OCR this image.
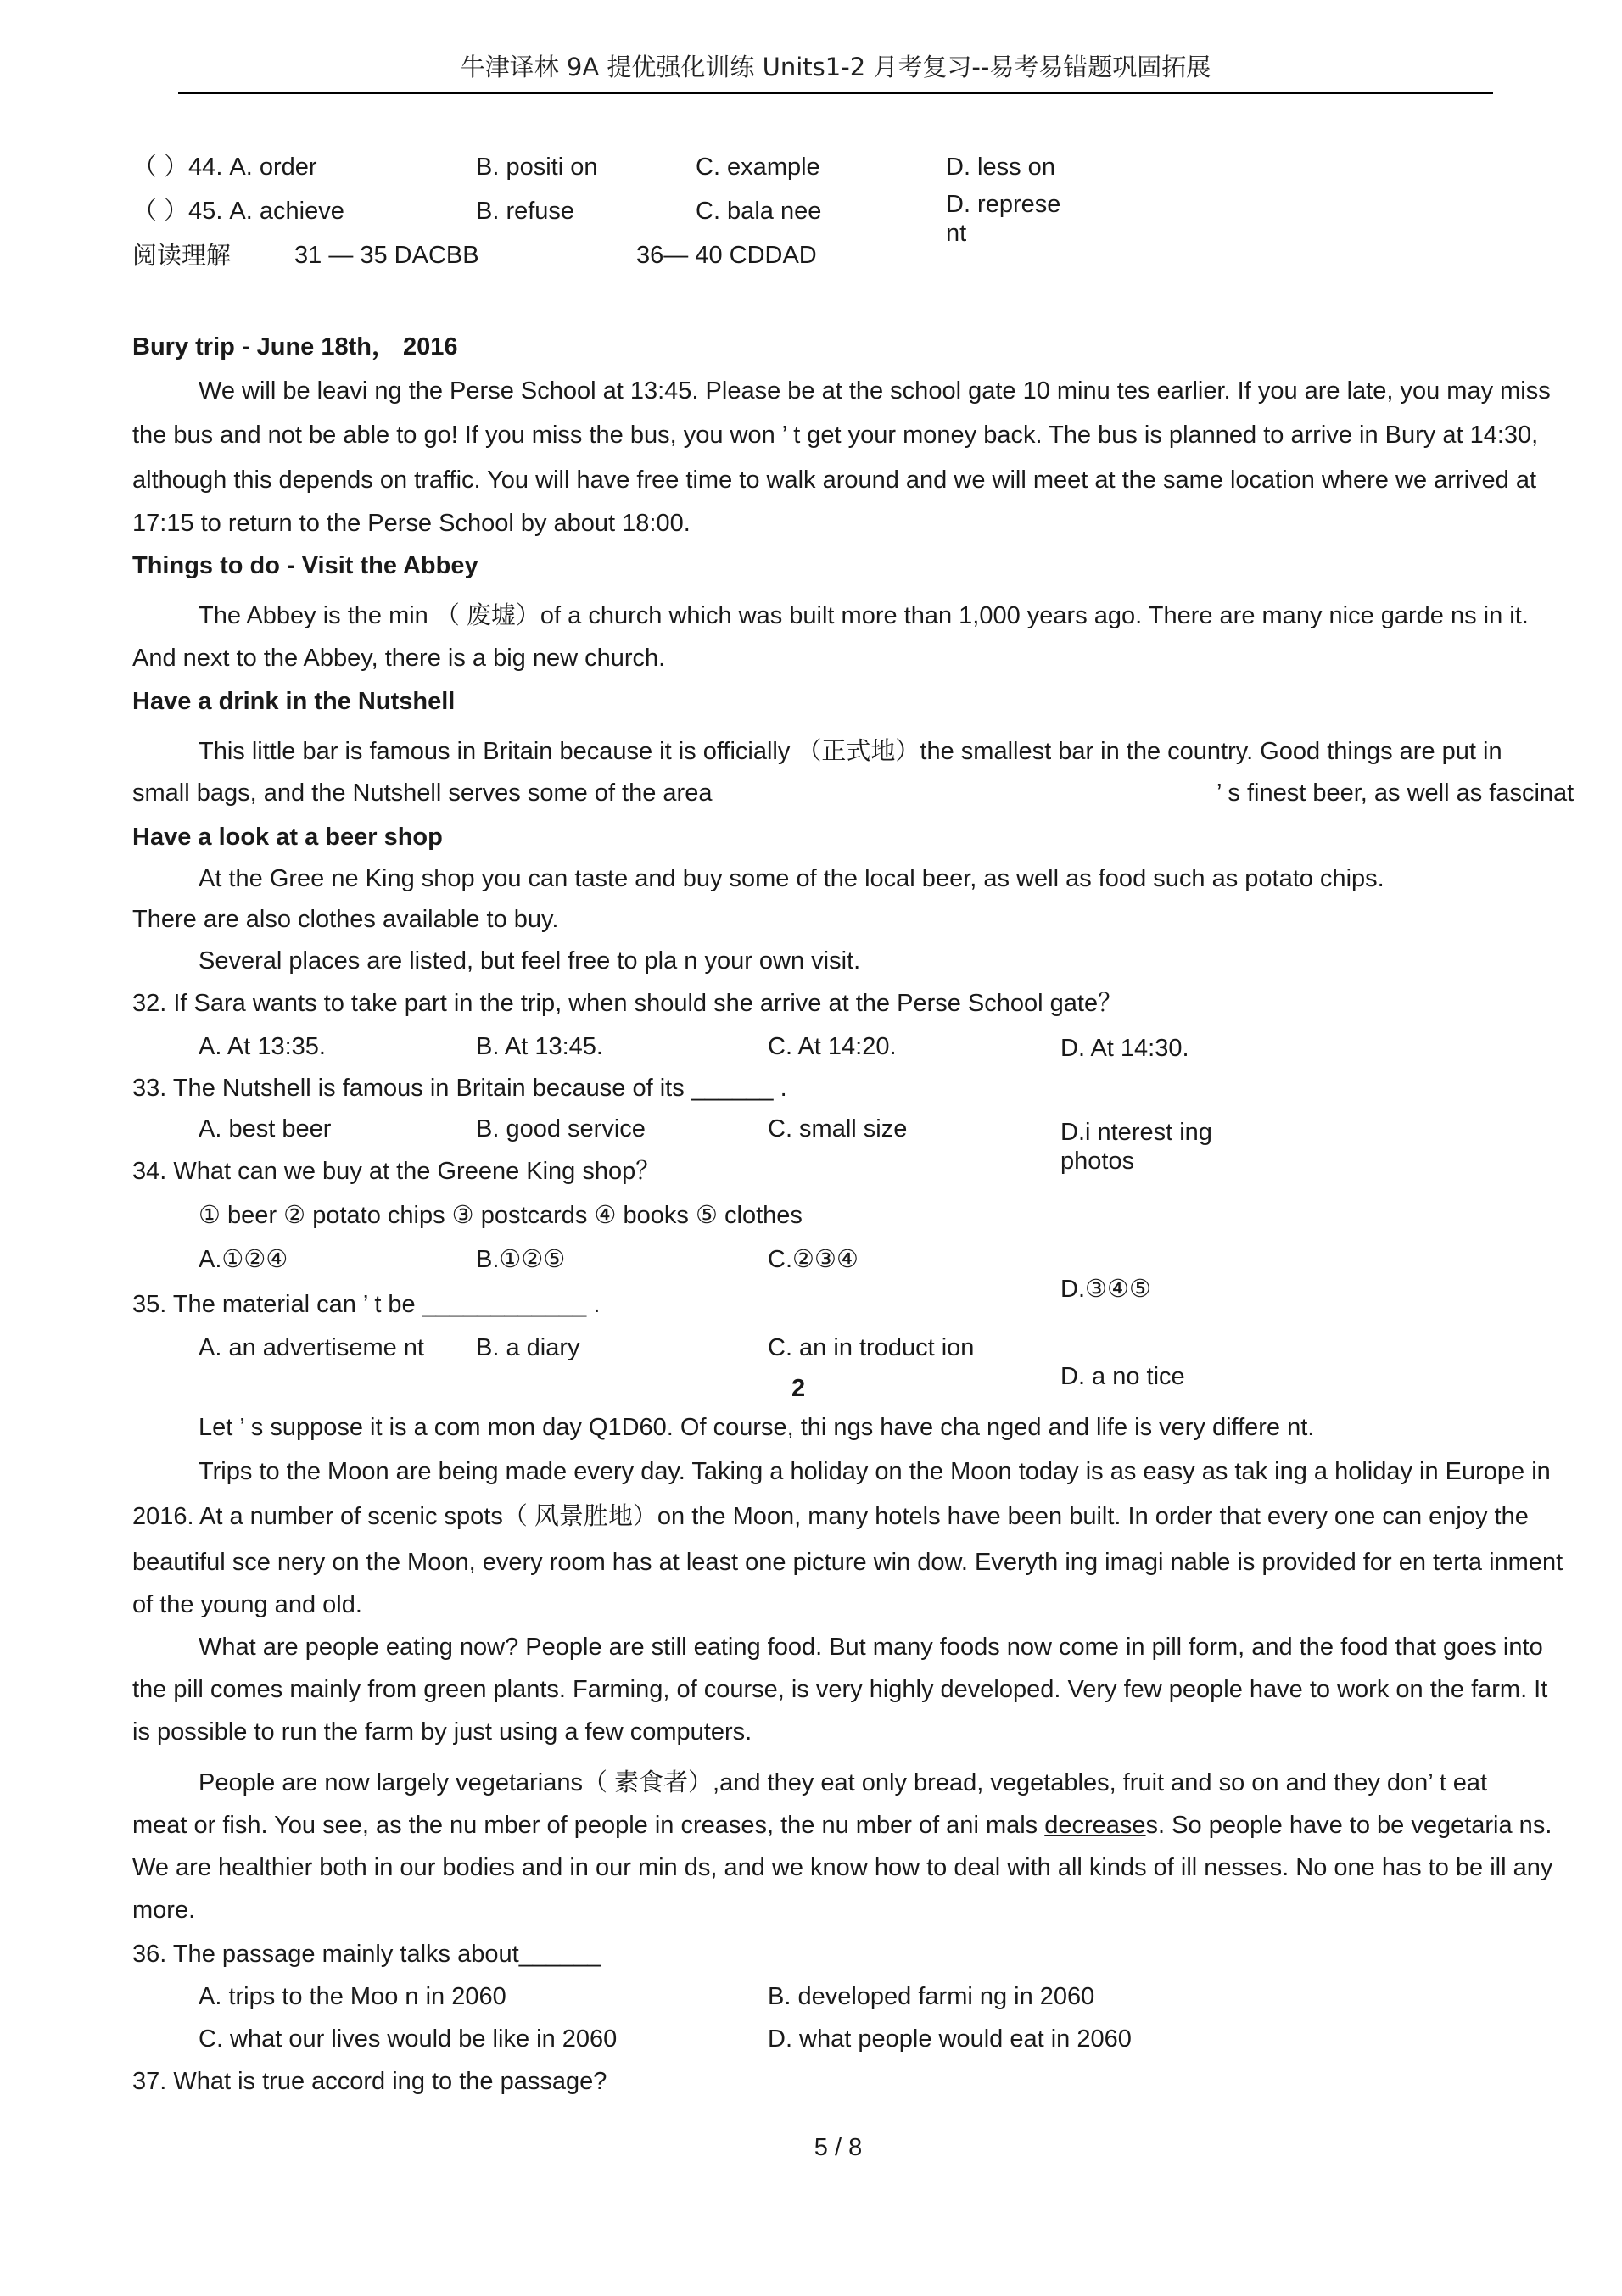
牛津译林 9A 提优强化训练 Units1-2 月考复习--易考易错题巩固拓展
（ ）44. A. order	B. positi on	C. example	D. less on
（ ）45. A. achieve	B. refuse	C. bala nee	D. represe
nt
阅读理解	31 — 35 DACBB	36— 40 CDDAD
Bury trip - June 18th， 2016
We will be leavi ng the Perse School at 13:45. Please be at the school gate 10 minu tes earlier. If you are late, you may miss
the bus and not be able to go! If you miss the bus, you won ’ t get your money back. The bus is planned to arrive in Bury at 14:30,
although this depends on traffic. You will have free time to walk around and we will meet at the same location where we arrived at
17:15 to return to the Perse School by about 18:00.
Things to do - Visit the Abbey
The Abbey is the min （ 废墟）of a church which was built more than 1,000 years ago. There are many nice garde ns in it.
And next to the Abbey, there is a big new church.
Have a drink in the Nutshell
This little bar is famous in Britain because it is officially （正式地）the smallest bar in the country. Good things are put in
small bags, and the Nutshell serves some of the area	’ s finest beer, as well as fascinat
Have a look at a beer shop
At the Gree ne King shop you can taste and buy some of the local beer, as well as food such as potato chips.
There are also clothes available to buy.
Several places are listed, but feel free to pla n your own visit.
32. If Sara wants to take part in the trip, when should she arrive at the Perse School gate？
A. At 13:35.	B. At 13:45.	C. At 14:20.	D. At 14:30.
33. The Nutshell is famous in Britain because of its ______ .
A. best beer	B. good service	C. small size	D.i nterest ing
photos
34. What can we buy at the Greene King shop？
① beer ② potato chips ③ postcards ④ books ⑤ clothes
A.①②④	B.①②⑤	C.②③④
D.③④⑤
35. The material can ’ t be ____________ .
A. an advertiseme nt B. a diary	C. an in troduct ion
D. a no tice
2
Let ’ s suppose it is a com mon day Q1D60. Of course, thi ngs have cha nged and life is very differe nt.
Trips to the Moon are being made every day. Taking a holiday on the Moon today is as easy as tak ing a holiday in Europe in
2016. At a number of scenic spots（ 风景胜地）on the Moon, many hotels have been built. In order that every one can enjoy the
beautiful sce nery on the Moon, every room has at least one picture win dow. Everyth ing imagi nable is provided for en terta inment
of the young and old.
What are people eating now? People are still eating food. But many foods now come in pill form, and the food that goes into
the pill comes mainly from green plants. Farming, of course, is very highly developed. Very few people have to work on the farm. It
is possible to run the farm by just using a few computers.
People are now largely vegetarians（ 素食者）,and they eat only bread, vegetables, fruit and so on and they don’ t eat
meat or fish. You see, as the nu mber of people in creases, the nu mber of ani mals decreases. So people have to be vegetaria ns.
We are healthier both in our bodies and in our min ds, and we know how to deal with all kinds of ill nesses. No one has to be ill any
more.
36. The passage mainly talks about______
A. trips to the Moo n in 2060	B. developed farmi ng in 2060
C. what our lives would be like in 2060	D. what people would eat in 2060
37. What is true accord ing to the passage?
5 / 8
